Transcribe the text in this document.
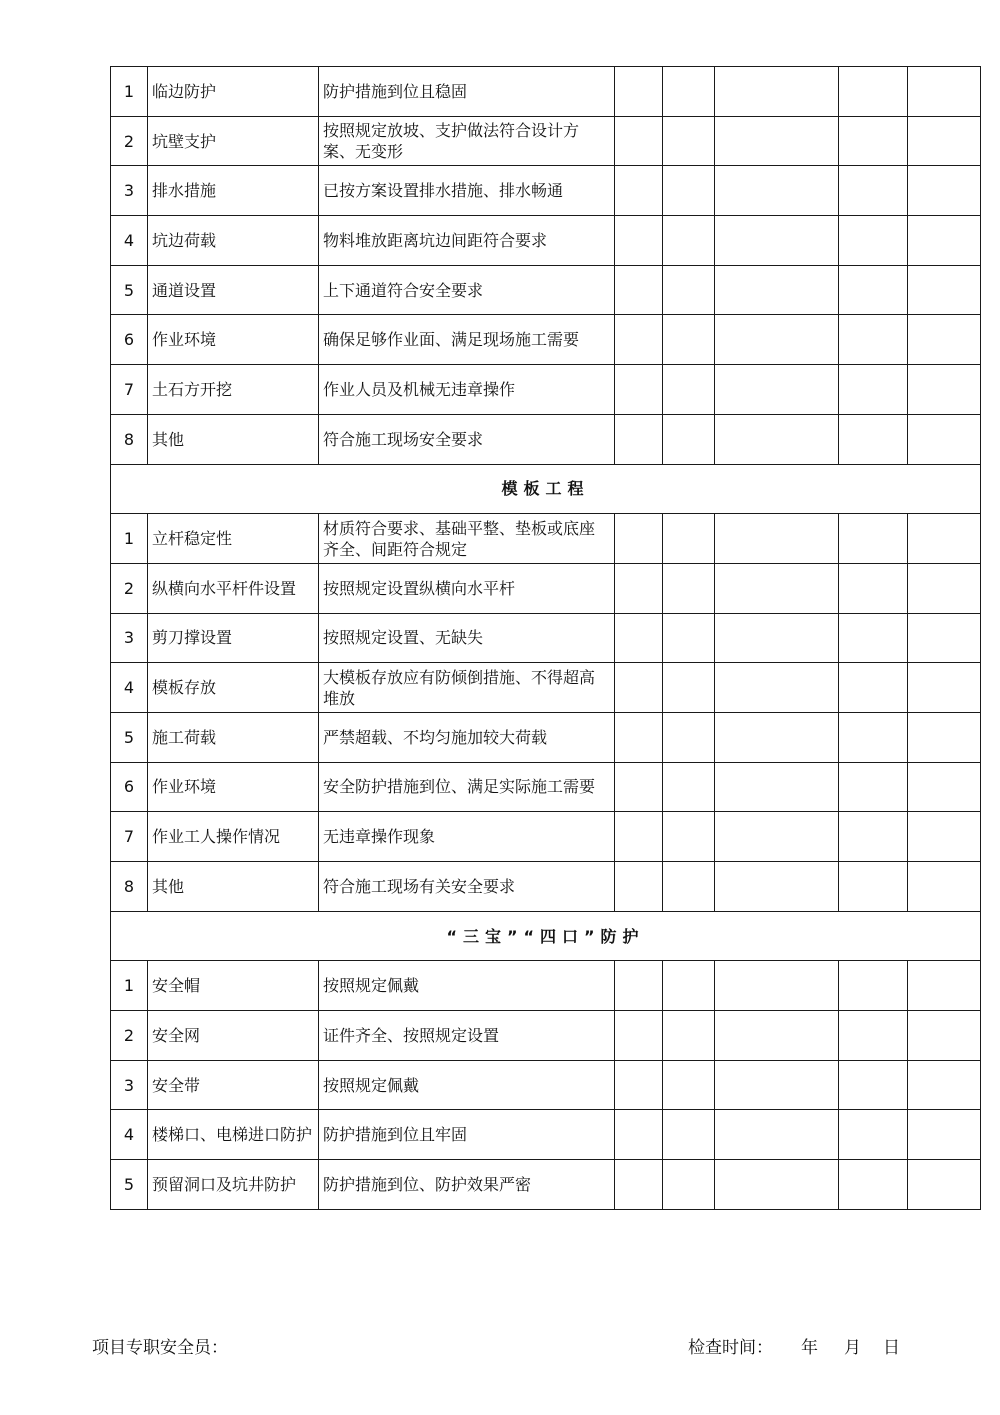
1	临边防护	防护措施到位且稳固					
2	坑壁支护	按照规定放坡、支护做法符合设计方案、无变形					
3	排水措施	已按方案设置排水措施、排水畅通					
4	坑边荷载	物料堆放距离坑边间距符合要求					
5	通道设置	上下通道符合安全要求					
6	作业环境	确保足够作业面、满足现场施工需要					
7	土石方开挖	作业人员及机械无违章操作					
8	其他	符合施工现场安全要求					
模板工程							
1	立杆稳定性	材质符合要求、基础平整、垫板或底座齐全、间距符合规定					
2	纵横向水平杆件设置	按照规定设置纵横向水平杆					
3	剪刀撑设置	按照规定设置、无缺失					
4	模板存放	大模板存放应有防倾倒措施、不得超高堆放					
5	施工荷载	严禁超载、不均匀施加较大荷载					
6	作业环境	安全防护措施到位、满足实际施工需要					
7	作业工人操作情况	无违章操作现象					
8	其他	符合施工现场有关安全要求					
“三宝”“四口”防护							
1	安全帽	按照规定佩戴					
2	安全网	证件齐全、按照规定设置					
3	安全带	按照规定佩戴					
4	楼梯口、电梯进口防护	防护措施到位且牢固					
5	预留洞口及坑井防护	防护措施到位、防护效果严密					
项目专职安全员：	检查时间： 年 月 日
